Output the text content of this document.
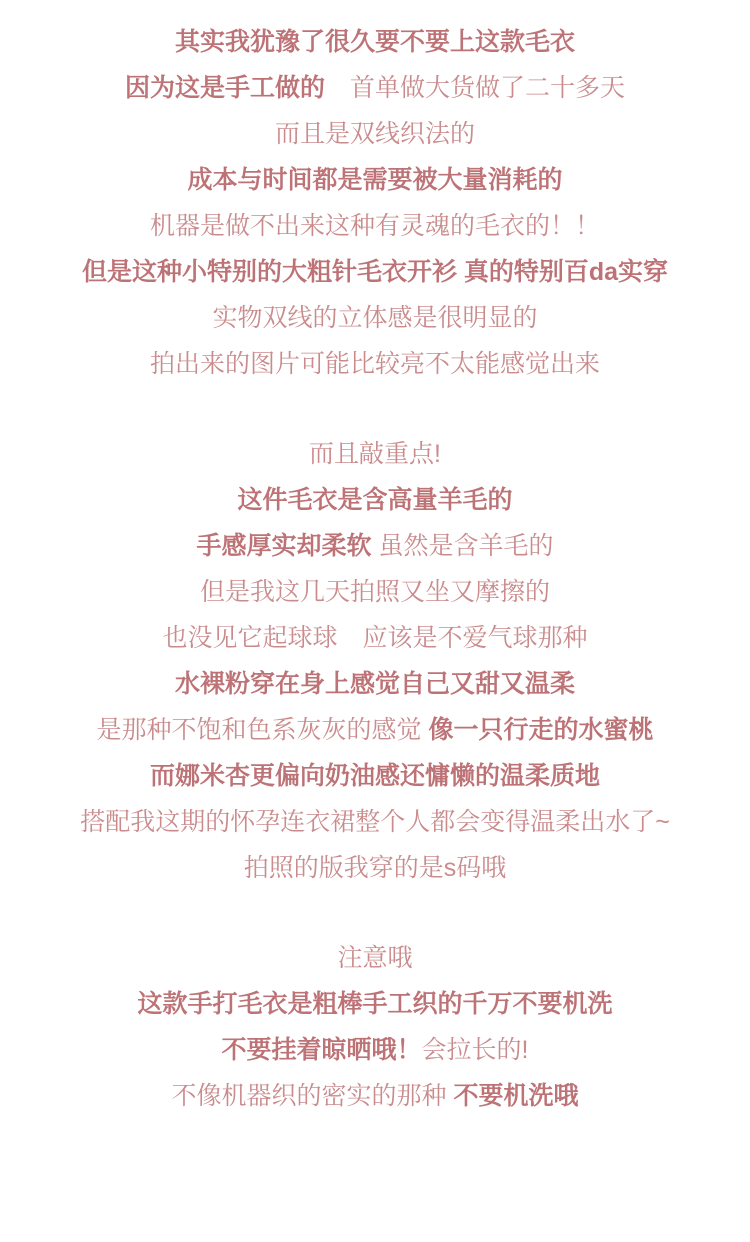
其实我犹豫了很久要不要上这款毛衣
因为这是手工做的　首单做大货做了二十多天
而且是双线织法的
成本与时间都是需要被大量消耗的
机器是做不出来这种有灵魂的毛衣的！！
但是这种小特别的大粗针毛衣开衫 真的特别百da实穿
实物双线的立体感是很明显的
拍出来的图片可能比较亮不太能感觉出来
而且敲重点!
这件毛衣是含高量羊毛的
手感厚实却柔软 虽然是含羊毛的
但是我这几天拍照又坐又摩擦的
也没见它起球球　应该是不爱气球那种
水裸粉穿在身上感觉自己又甜又温柔
是那种不饱和色系灰灰的感觉 像一只行走的水蜜桃
而娜米杏更偏向奶油感还慵懒的温柔质地
搭配我这期的怀孕连衣裙整个人都会变得温柔出水了~
拍照的版我穿的是s码哦
注意哦
这款手打毛衣是粗棒手工织的千万不要机洗
不要挂着晾晒哦！会拉长的!
不像机器织的密实的那种 不要机洗哦
